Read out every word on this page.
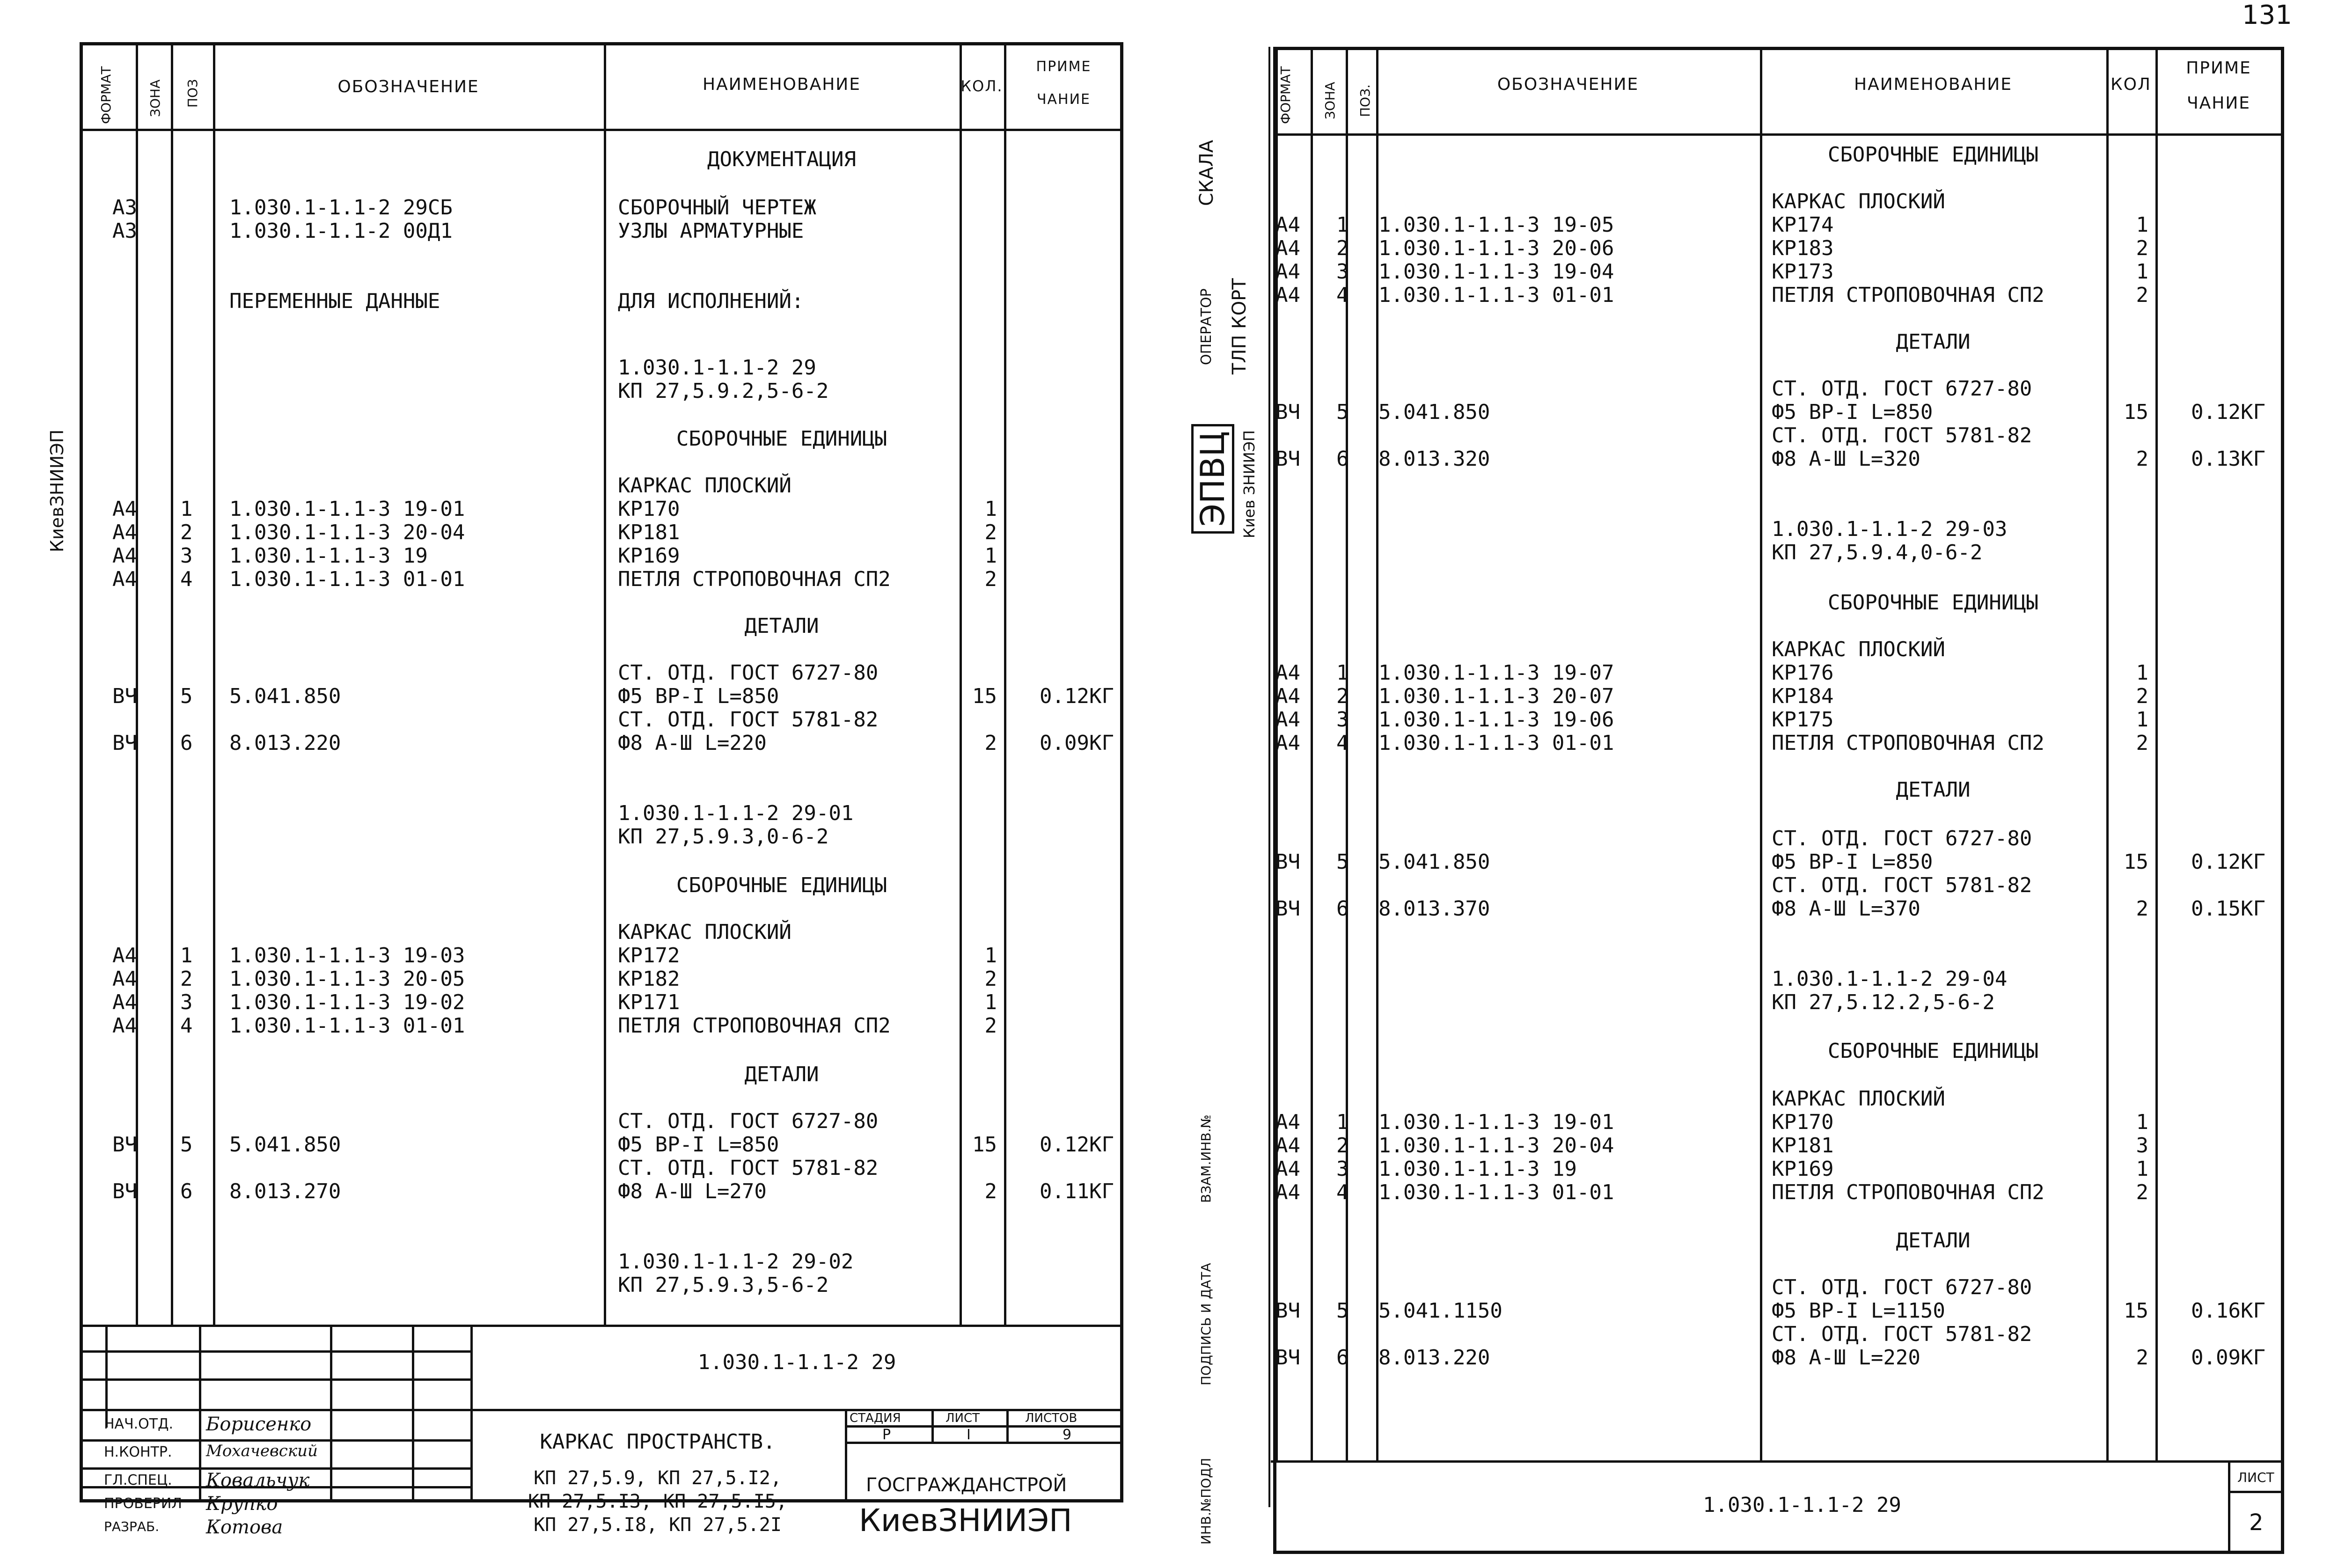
ФОРМАТ	ЗОНА ПОЗ	ОБОЗНАЧЕНИЕ	НАИМЕНОВАНИЕ	КОЛ.
ПРИМЕ
ЧАНИЕ
КиевЗНИИЭП
ДОКУМЕНТАЦИЯ
А3	1.030.1-1.1-2 29СБ	СБОРОЧНЫЙ ЧЕРТЕЖ
А3	1.030.1-1.1-2 00Д1	УЗЛЫ АРМАТУРНЫЕ
ПЕРЕМЕННЫЕ ДАННЫЕ	ДЛЯ ИСПОЛНЕНИЙ:
1.030.1-1.1-2 29
КП 27,5.9.2,5-6-2
СБОРОЧНЫЕ ЕДИНИЦЫ
КАРКАС ПЛОСКИЙ
А4 1 1.030.1-1.1-3 19-01	КР170	1
А4 2 1.030.1-1.1-3 20-04	КР181	2
А4 3 1.030.1-1.1-3 19	КР169	1
А4 4 1.030.1-1.1-3 01-01	ПЕТЛЯ СТРОПОВОЧНАЯ СП2	2
ДЕТАЛИ
СТ. ОТД. ГОСТ 6727-80
ВЧ 5 5.041.850	Ф5 ВР-I L=850	15	0.12КГ
СТ. ОТД. ГОСТ 5781-82
ВЧ 6 8.013.220	Ф8 А-Ш L=220	2	0.09КГ
1.030.1-1.1-2 29-01
КП 27,5.9.3,0-6-2
СБОРОЧНЫЕ ЕДИНИЦЫ
КАРКАС ПЛОСКИЙ
А4 1 1.030.1-1.1-3 19-03	КР172	1
А4 2 1.030.1-1.1-3 20-05	КР182	2
А4 3 1.030.1-1.1-3 19-02	КР171	1
А4 4 1.030.1-1.1-3 01-01	ПЕТЛЯ СТРОПОВОЧНАЯ СП2	2
ДЕТАЛИ
СТ. ОТД. ГОСТ 6727-80
ВЧ 5 5.041.850	Ф5 ВР-I L=850	15	0.12КГ
СТ. ОТД. ГОСТ 5781-82
ВЧ 6 8.013.270	Ф8 А-Ш L=270	2	0.11КГ
1.030.1-1.1-2 29-02
КП 27,5.9.3,5-6-2
1.030.1-1.1-2 29
НАЧ.ОТД.
Н.КОНТР.
ГЛ.СПЕЦ.
ПРОВЕРИЛ
РАЗРАБ.
Борисенко
Мохачевский
Ковальчук
Крупко
Котова
КАРКАС ПРОСТРАНСТВ.
КП 27,5.9, КП 27,5.I2,
КП 27,5.I3, КП 27,5.I5,
КП 27,5.I8, КП 27,5.2I
СТАДИЯ	ЛИСТ	ЛИСТОВ
Р	I	9
ГОСГРАЖДАНСТРОЙ
КиевЗНИИЭП
ФОРМАТ ЗОНА ПОЗ.	ОБОЗНАЧЕНИЕ	НАИМЕНОВАНИЕ	КОЛ
ПРИМЕ
ЧАНИЕ
СКАЛА
ОПЕРАТОР ТЛП КОРТ
ЭПВЦ Киев ЗНИИЭП
ВЗАМ.ИНВ.№
ПОДПИСЬ И ДАТА
ИНВ.№ПОДЛ
131
СБОРОЧНЫЕ ЕДИНИЦЫ
КАРКАС ПЛОСКИЙ
А4 1 1.030.1-1.1-3 19-05	КР174	1
А4 2 1.030.1-1.1-3 20-06	КР183	2
А4 3 1.030.1-1.1-3 19-04	КР173	1
А4 4 1.030.1-1.1-3 01-01	ПЕТЛЯ СТРОПОВОЧНАЯ СП2	2
ДЕТАЛИ
СТ. ОТД. ГОСТ 6727-80
ВЧ 5 5.041.850	Ф5 ВР-I L=850	15	0.12КГ
СТ. ОТД. ГОСТ 5781-82
ВЧ 6 8.013.320	Ф8 А-Ш L=320	2	0.13КГ
1.030.1-1.1-2 29-03
КП 27,5.9.4,0-6-2
СБОРОЧНЫЕ ЕДИНИЦЫ
КАРКАС ПЛОСКИЙ
А4 1 1.030.1-1.1-3 19-07	КР176	1
А4 2 1.030.1-1.1-3 20-07	КР184	2
А4 3 1.030.1-1.1-3 19-06	КР175	1
А4 4 1.030.1-1.1-3 01-01	ПЕТЛЯ СТРОПОВОЧНАЯ СП2	2
ДЕТАЛИ
СТ. ОТД. ГОСТ 6727-80
ВЧ 5 5.041.850	Ф5 ВР-I L=850	15	0.12КГ
СТ. ОТД. ГОСТ 5781-82
ВЧ 6 8.013.370	Ф8 А-Ш L=370	2	0.15КГ
1.030.1-1.1-2 29-04
КП 27,5.12.2,5-6-2
СБОРОЧНЫЕ ЕДИНИЦЫ
КАРКАС ПЛОСКИЙ
А4 1 1.030.1-1.1-3 19-01	КР170	1
А4 2 1.030.1-1.1-3 20-04	КР181	3
А4 3 1.030.1-1.1-3 19	КР169	1
А4 4 1.030.1-1.1-3 01-01	ПЕТЛЯ СТРОПОВОЧНАЯ СП2	2
ДЕТАЛИ
СТ. ОТД. ГОСТ 6727-80
ВЧ 5 5.041.1150	Ф5 ВР-I L=1150	15	0.16КГ
СТ. ОТД. ГОСТ 5781-82
ВЧ 6 8.013.220	Ф8 А-Ш L=220	2	0.09КГ
1.030.1-1.1-2 29
ЛИСТ
2
